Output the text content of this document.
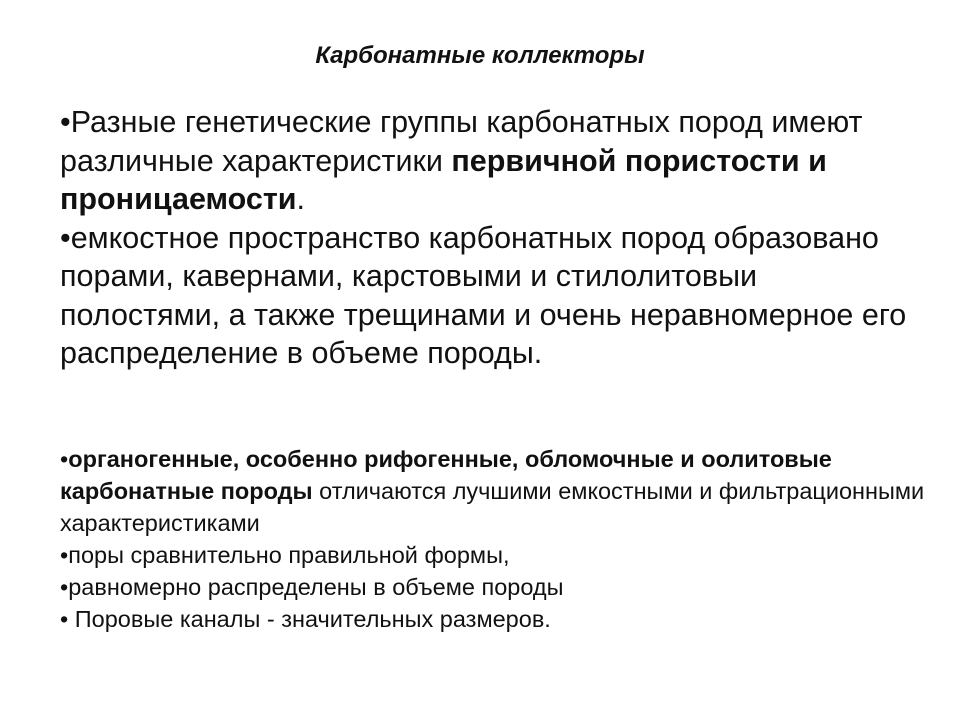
Карбонатные коллекторы

•Разные генетические группы карбонатных пород имеют различные характеристики первичной пористости и проницаемости.

•емкостное пространство карбонатных пород образовано порами, кавернами, карстовыми и стилолитовыи полостями, а также трещинами и очень неравномерное его распределение в объеме породы.

•органогенные, особенно рифогенные, обломочные и оолитовые карбонатные породы отличаются лучшими емкостными и фильтрационными характеристиками

•поры сравнительно правильной формы,

•равномерно распределены в объеме породы

• Поровые каналы - значительных размеров.
